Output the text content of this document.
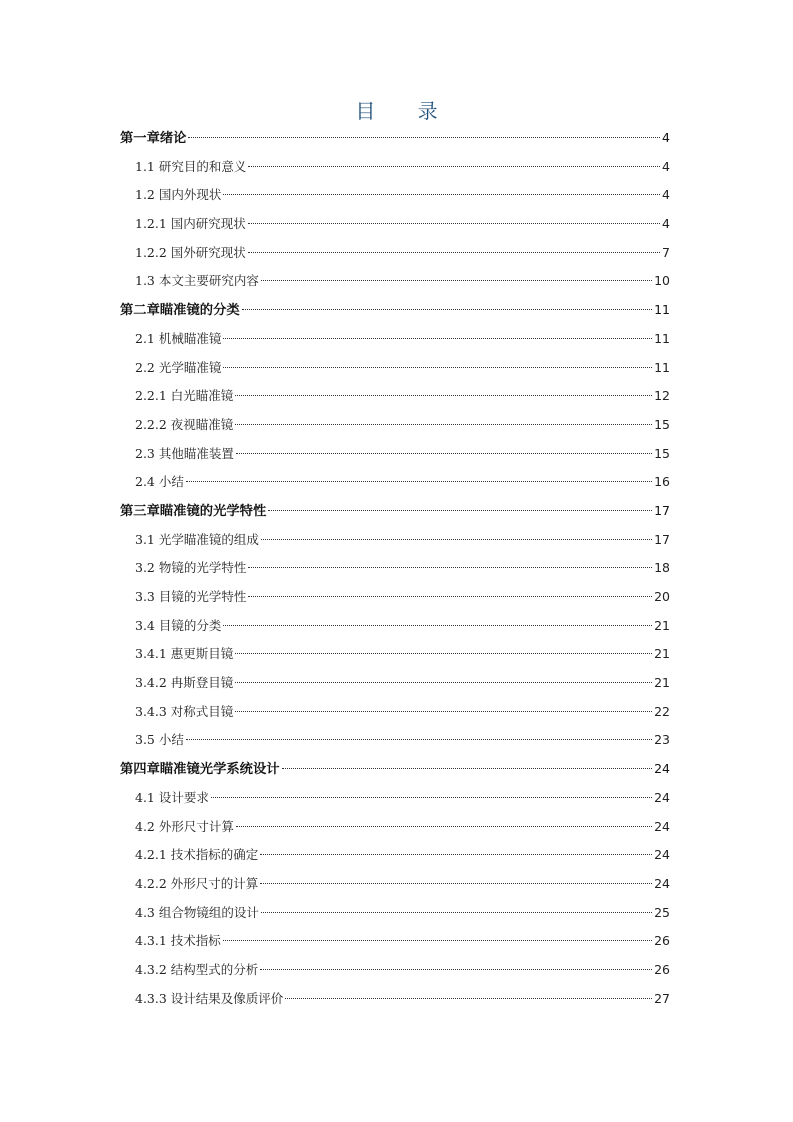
目 录
第一章绪论	4
1.1 研究目的和意义	4
1.2 国内外现状	4
1.2.1 国内研究现状	4
1.2.2 国外研究现状	7
1.3 本文主要研究内容	10
第二章瞄准镜的分类	11
2.1 机械瞄准镜	11
2.2 光学瞄准镜	11
2.2.1 白光瞄准镜	12
2.2.2 夜视瞄准镜	15
2.3 其他瞄准装置	15
2.4 小结	16
第三章瞄准镜的光学特性	17
3.1 光学瞄准镜的组成	17
3.2 物镜的光学特性	18
3.3 目镜的光学特性	20
3.4 目镜的分类	21
3.4.1 惠更斯目镜	21
3.4.2 冉斯登目镜	21
3.4.3 对称式目镜	22
3.5 小结	23
第四章瞄准镜光学系统设计	24
4.1 设计要求	24
4.2 外形尺寸计算	24
4.2.1 技术指标的确定	24
4.2.2 外形尺寸的计算	24
4.3 组合物镜组的设计	25
4.3.1 技术指标	26
4.3.2 结构型式的分析	26
4.3.3 设计结果及像质评价	27
